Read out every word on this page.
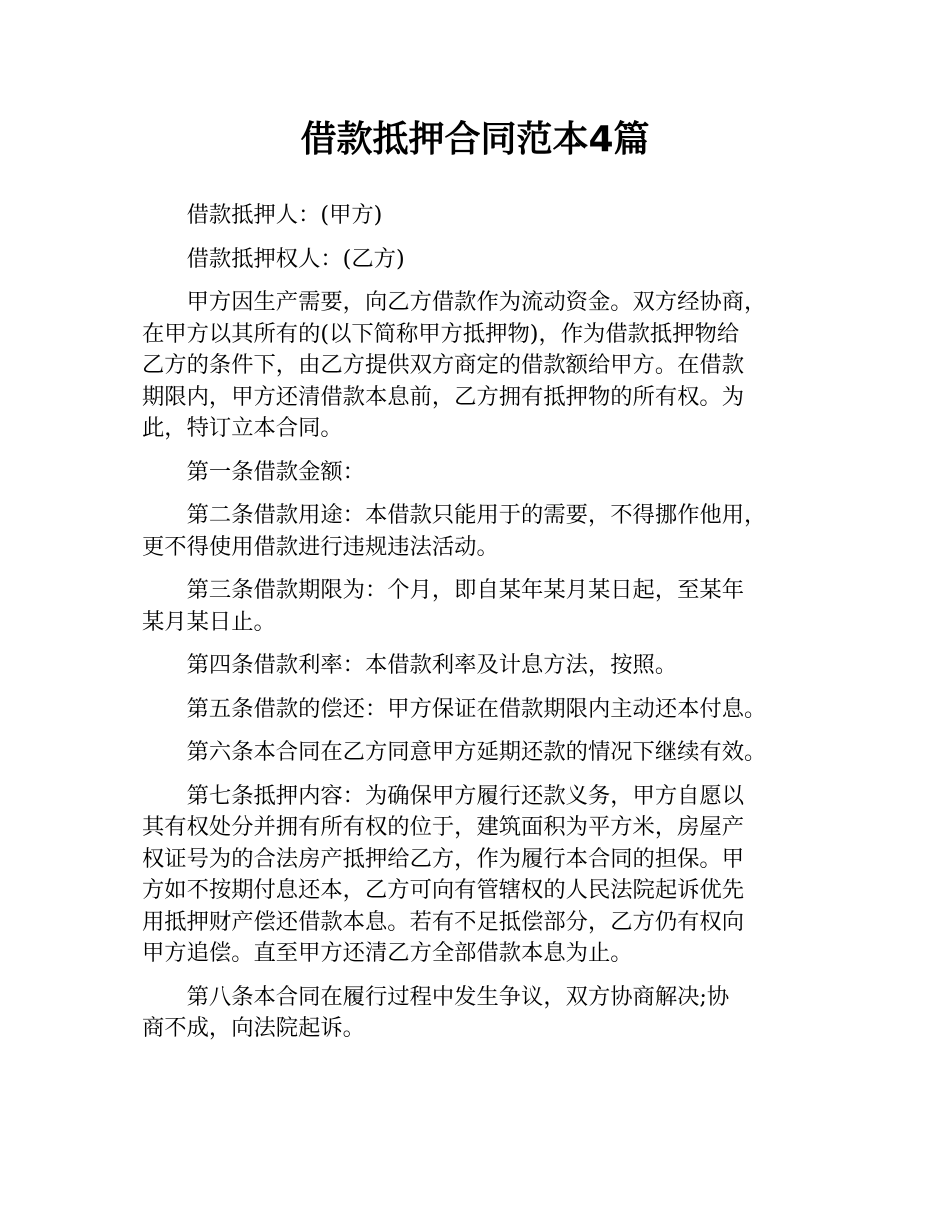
借款抵押合同范本4篇

借款抵押人：(甲方)

借款抵押权人：(乙方)

甲方因生产需要，向乙方借款作为流动资金。双方经协商，
在甲方以其所有的(以下简称甲方抵押物)，作为借款抵押物给
乙方的条件下，由乙方提供双方商定的借款额给甲方。在借款
期限内，甲方还清借款本息前，乙方拥有抵押物的所有权。为
此，特订立本合同。

第一条借款金额：

第二条借款用途：本借款只能用于的需要，不得挪作他用，
更不得使用借款进行违规违法活动。

第三条借款期限为：个月，即自某年某月某日起，至某年
某月某日止。

第四条借款利率：本借款利率及计息方法，按照。

第五条借款的偿还：甲方保证在借款期限内主动还本付息。

第六条本合同在乙方同意甲方延期还款的情况下继续有效。

第七条抵押内容：为确保甲方履行还款义务，甲方自愿以
其有权处分并拥有所有权的位于，建筑面积为平方米，房屋产
权证号为的合法房产抵押给乙方，作为履行本合同的担保。甲
方如不按期付息还本，乙方可向有管辖权的人民法院起诉优先
用抵押财产偿还借款本息。若有不足抵偿部分，乙方仍有权向
甲方追偿。直至甲方还清乙方全部借款本息为止。

第八条本合同在履行过程中发生争议，双方协商解决;协
商不成，向法院起诉。
